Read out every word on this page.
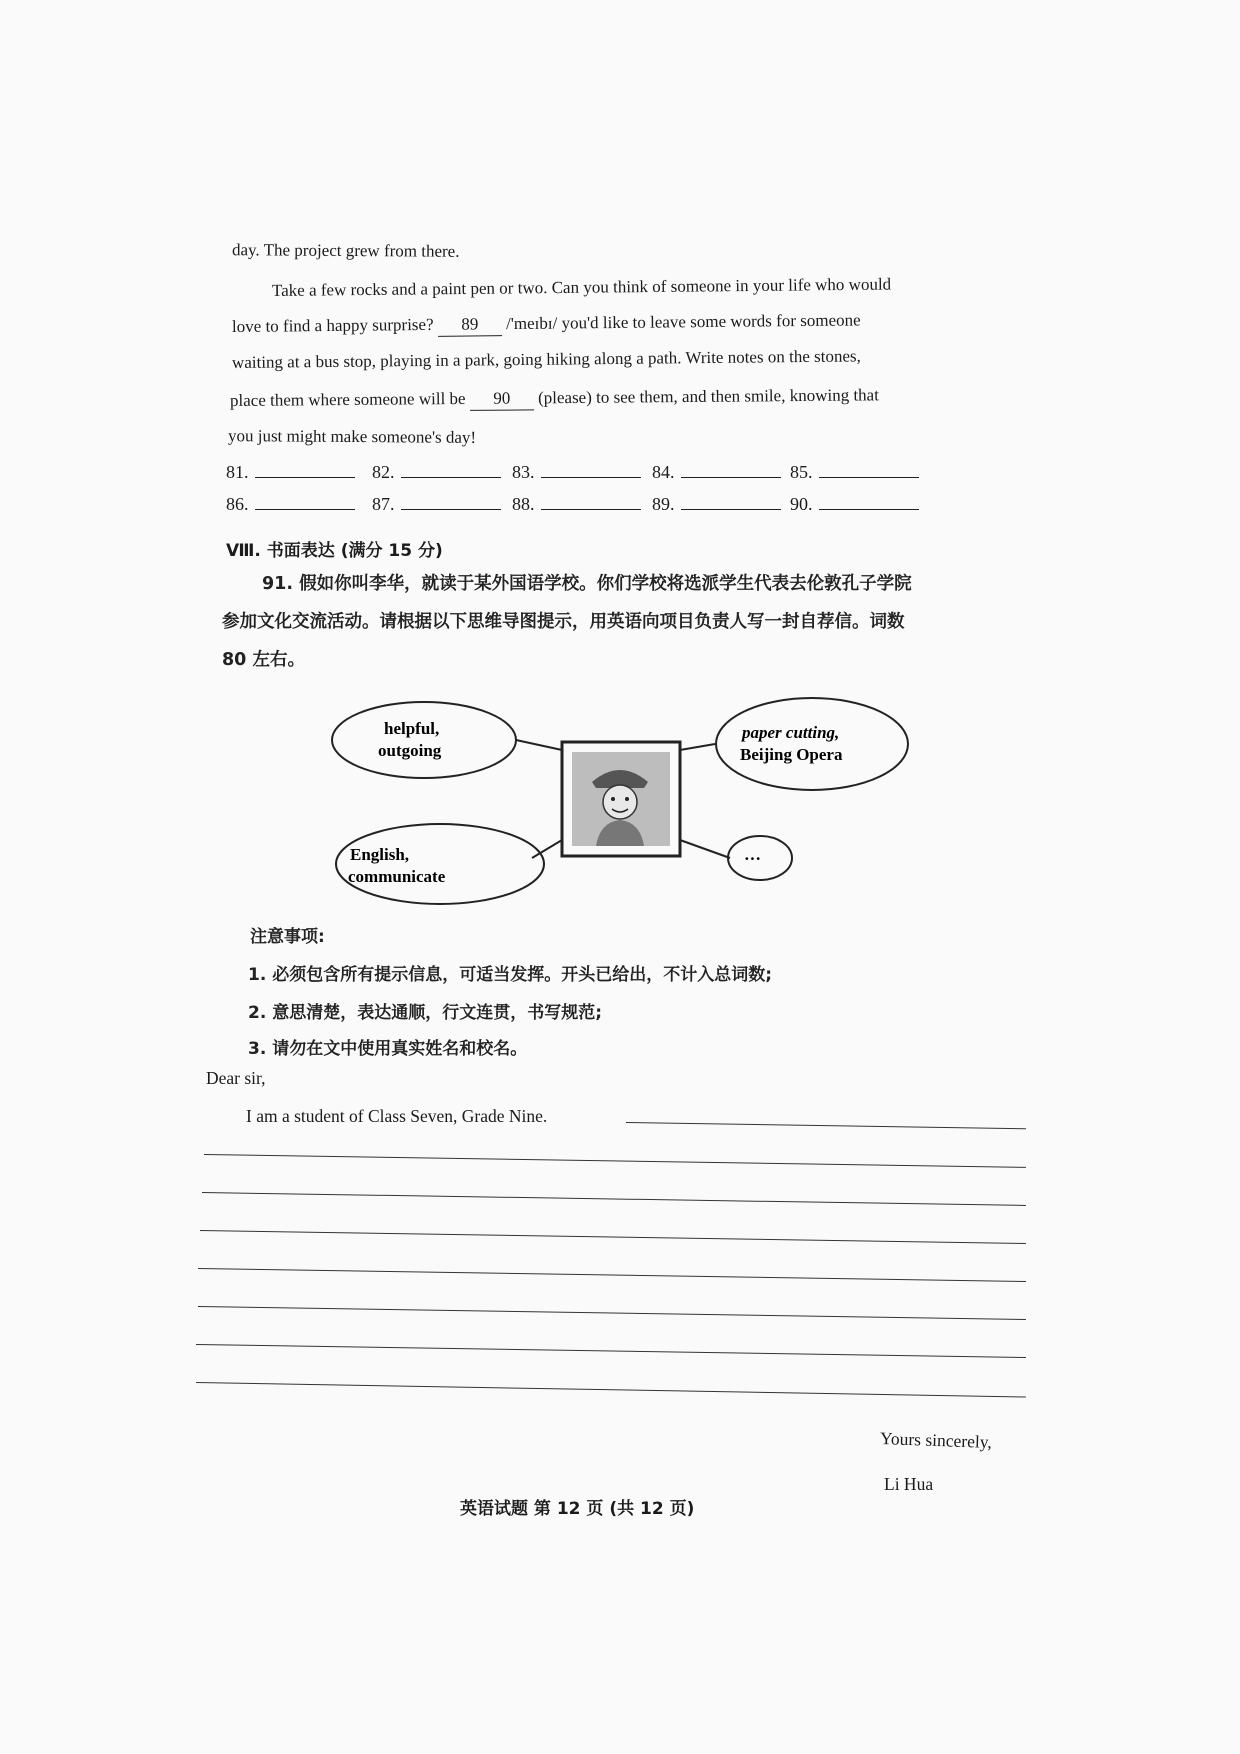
day. The project grew from there.
Take a few rocks and a paint pen or two. Can you think of someone in your life who would
love to find a happy surprise? 89 /'meɪbɪ/ you'd like to leave some words for someone
waiting at a bus stop, playing in a park, going hiking along a path. Write notes on the stones,
place them where someone will be 90 (please) to see them, and then smile, knowing that
you just might make someone's day!
81.	82.	83.	84.	85.
86.	87.	88.	89.	90.
Ⅷ. 书面表达 (满分 15 分)
91. 假如你叫李华，就读于某外国语学校。你们学校将选派学生代表去伦敦孔子学院
参加文化交流活动。请根据以下思维导图提示，用英语向项目负责人写一封自荐信。词数
80 左右。
helpful,
outgoing
paper cutting,
Beijing Opera
English,
communicate
···
注意事项:
1. 必须包含所有提示信息，可适当发挥。开头已给出，不计入总词数;
2. 意思清楚，表达通顺，行文连贯，书写规范;
3. 请勿在文中使用真实姓名和校名。
Dear sir,
I am a student of Class Seven, Grade Nine.
Yours sincerely,
Li Hua
英语试题 第 12 页 (共 12 页)
